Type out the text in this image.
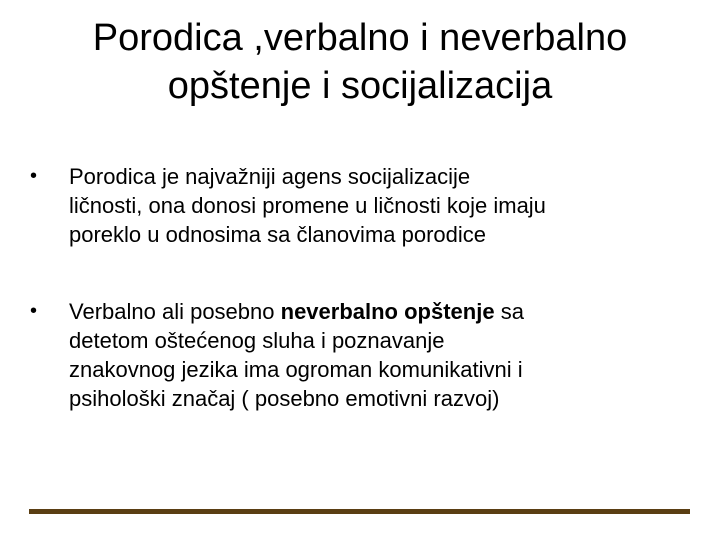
Porodica ,verbalno i neverbalno
opštenje i socijalizacija
•	Porodica je najvažniji agens socijalizacije
ličnosti, ona donosi promene u ličnosti koje imaju
poreklo u odnosima sa članovima porodice
•	Verbalno ali posebno neverbalno opštenje sa
detetom oštećenog sluha i poznavanje
znakovnog jezika ima ogroman komunikativni i
psihološki značaj ( posebno emotivni razvoj)
